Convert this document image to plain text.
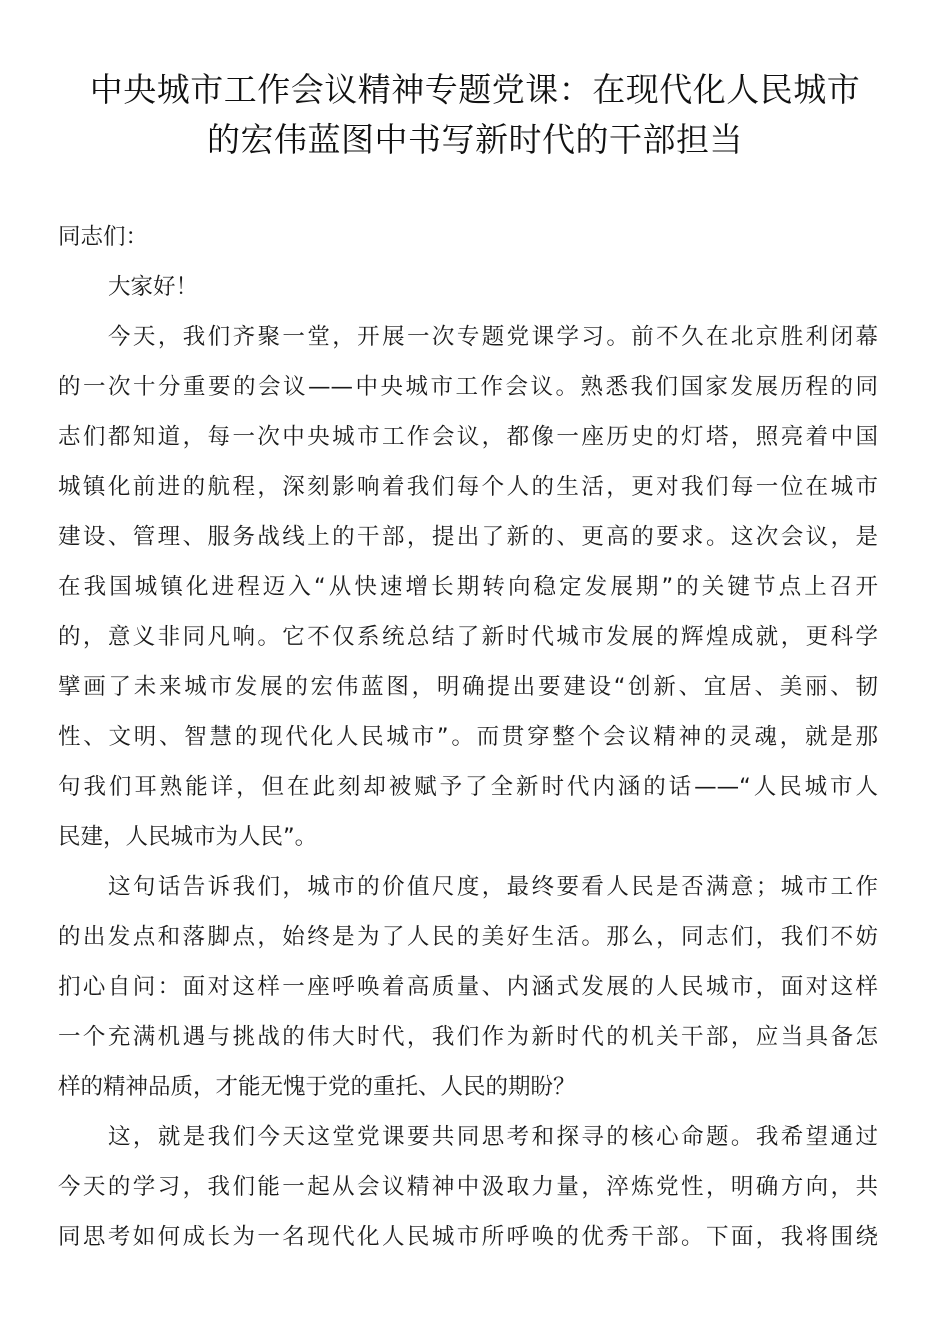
中央城市工作会议精神专题党课：在现代化人民城市
的宏伟蓝图中书写新时代的干部担当
同志们：
大家好！
今天，我们齐聚一堂，开展一次专题党课学习。前不久在北京胜利闭幕
的一次十分重要的会议——中央城市工作会议。熟悉我们国家发展历程的同
志们都知道，每一次中央城市工作会议，都像一座历史的灯塔，照亮着中国
城镇化前进的航程，深刻影响着我们每个人的生活，更对我们每一位在城市
建设、管理、服务战线上的干部，提出了新的、更高的要求。这次会议，是
在我国城镇化进程迈入“从快速增长期转向稳定发展期”的关键节点上召开
的，意义非同凡响。它不仅系统总结了新时代城市发展的辉煌成就，更科学
擘画了未来城市发展的宏伟蓝图，明确提出要建设“创新、宜居、美丽、韧
性、文明、智慧的现代化人民城市”。而贯穿整个会议精神的灵魂，就是那
句我们耳熟能详，但在此刻却被赋予了全新时代内涵的话——“人民城市人
民建，人民城市为人民”。
这句话告诉我们，城市的价值尺度，最终要看人民是否满意；城市工作
的出发点和落脚点，始终是为了人民的美好生活。那么，同志们，我们不妨
扪心自问：面对这样一座呼唤着高质量、内涵式发展的人民城市，面对这样
一个充满机遇与挑战的伟大时代，我们作为新时代的机关干部，应当具备怎
样的精神品质，才能无愧于党的重托、人民的期盼？
这，就是我们今天这堂党课要共同思考和探寻的核心命题。我希望通过
今天的学习，我们能一起从会议精神中汲取力量，淬炼党性，明确方向，共
同思考如何成长为一名现代化人民城市所呼唤的优秀干部。下面，我将围绕
